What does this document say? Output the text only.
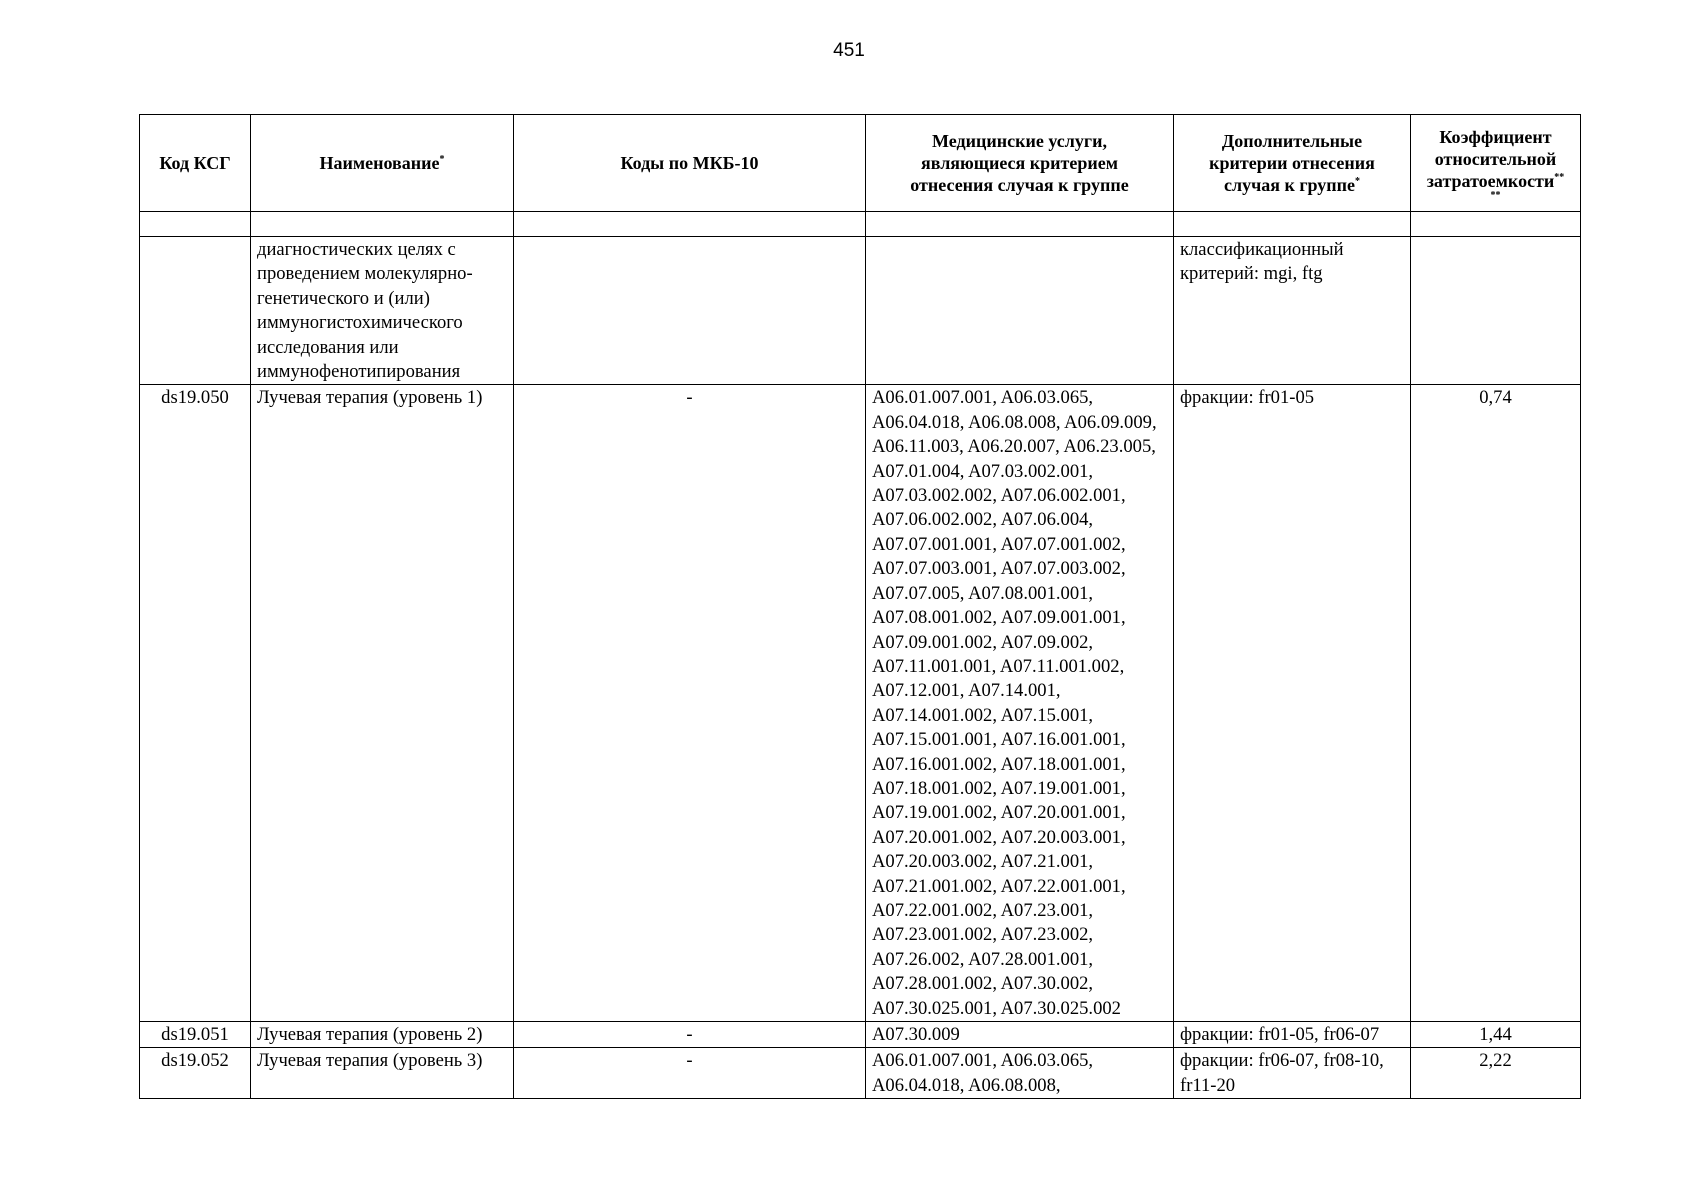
451
Код КСГ	Наименование*	Коды по МКБ-10	Медицинские услуги, являющиеся критерием отнесения случая к группе	Дополнительные критерии отнесения случая к группе*	Коэффициент относительной затратоемкости**
**

	диагностических целях с проведением молекулярно-генетического и (или) иммуногистохимического исследования или иммунофенотипирования			классификационный критерий: mgi, ftg	
ds19.050	Лучевая терапия (уровень 1)	-	A06.01.007.001, A06.03.065, A06.04.018, A06.08.008, A06.09.009, A06.11.003, A06.20.007, A06.23.005, A07.01.004, A07.03.002.001, A07.03.002.002, A07.06.002.001, A07.06.002.002, A07.06.004, A07.07.001.001, A07.07.001.002, A07.07.003.001, A07.07.003.002, A07.07.005, A07.08.001.001, A07.08.001.002, A07.09.001.001, A07.09.001.002, A07.09.002, A07.11.001.001, A07.11.001.002, A07.12.001, A07.14.001, A07.14.001.002, A07.15.001, A07.15.001.001, A07.16.001.001, A07.16.001.002, A07.18.001.001, A07.18.001.002, A07.19.001.001, A07.19.001.002, A07.20.001.001, A07.20.001.002, A07.20.003.001, A07.20.003.002, A07.21.001, A07.21.001.002, A07.22.001.001, A07.22.001.002, A07.23.001, A07.23.001.002, A07.23.002, A07.26.002, A07.28.001.001, A07.28.001.002, A07.30.002, A07.30.025.001, A07.30.025.002	фракции: fr01-05	0,74
ds19.051	Лучевая терапия (уровень 2)	-	A07.30.009	фракции: fr01-05, fr06-07	1,44
ds19.052	Лучевая терапия (уровень 3)	-	A06.01.007.001, A06.03.065, A06.04.018, A06.08.008,	фракции: fr06-07, fr08-10, fr11-20	2,22
